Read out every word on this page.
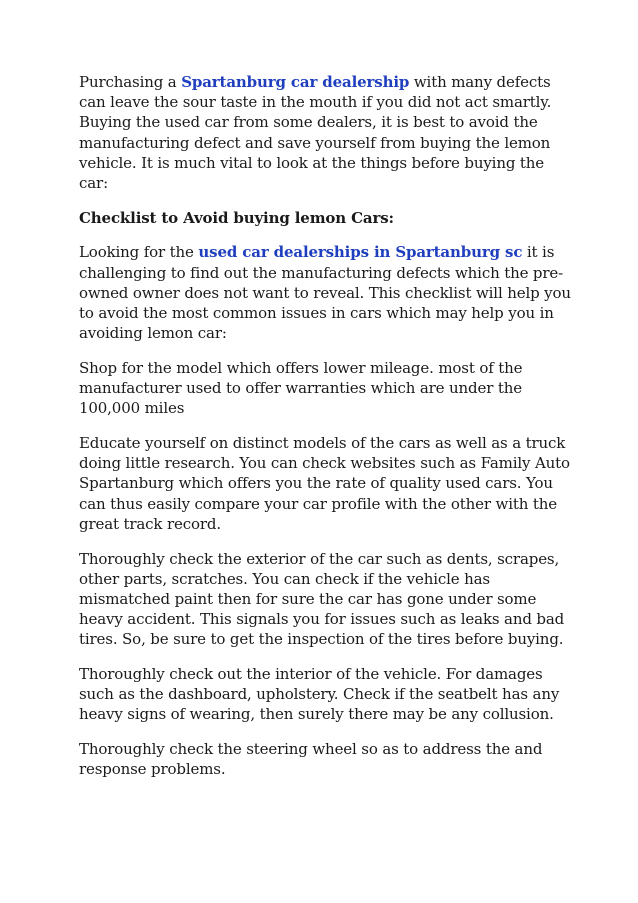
Purchasing a Spartanburg car dealership with many defects can leave the sour taste in the mouth if you did not act smartly. Buying the used car from some dealers, it is best to avoid the manufacturing defect and save yourself from buying the lemon vehicle. It is much vital to look at the things before buying the car:

Checklist to Avoid buying lemon Cars:

Looking for the used car dealerships in Spartanburg sc it is challenging to find out the manufacturing defects which the pre-owned owner does not want to reveal. This checklist will help you to avoid the most common issues in cars which may help you in avoiding lemon car:

Shop for the model which offers lower mileage. most of the manufacturer used to offer warranties which are under the 100,000 miles

Educate yourself on distinct models of the cars as well as a truck doing little research. You can check websites such as Family Auto Spartanburg which offers you the rate of quality used cars. You can thus easily compare your car profile with the other with the great track record.

Thoroughly check the exterior of the car such as dents, scrapes, other parts, scratches. You can check if the vehicle has mismatched paint then for sure the car has gone under some heavy accident. This signals you for issues such as leaks and bad tires. So, be sure to get the inspection of the tires before buying.

Thoroughly check out the interior of the vehicle. For damages such as the dashboard, upholstery. Check if the seatbelt has any heavy signs of wearing, then surely there may be any collusion.

Thoroughly check the steering wheel so as to address the and response problems.
